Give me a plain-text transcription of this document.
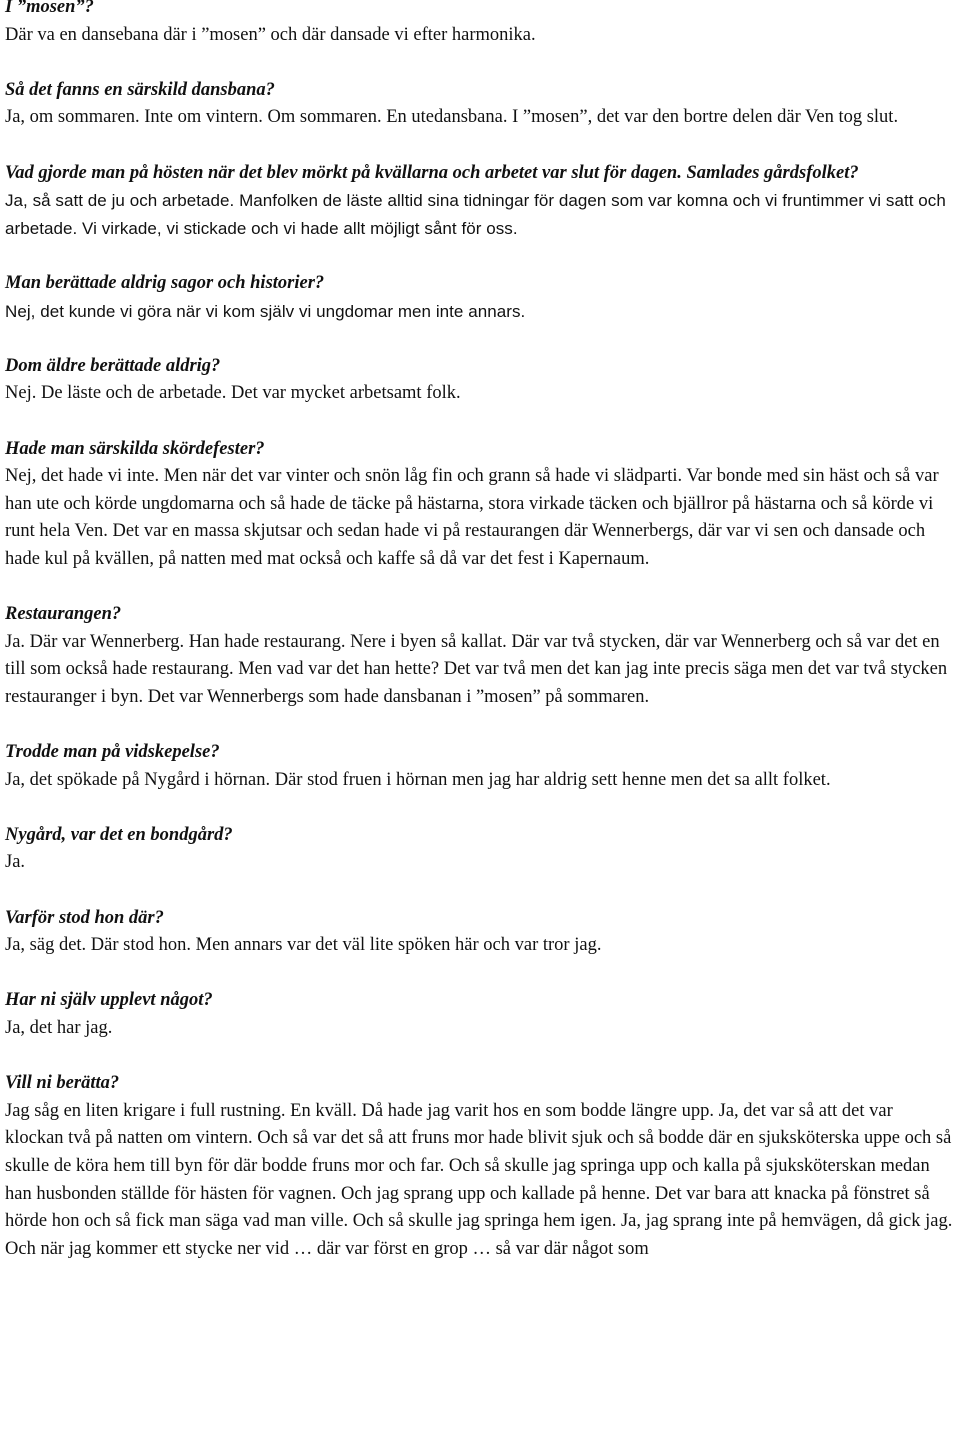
I ”mosen”?
Där va en dansebana där i ”mosen” och där dansade vi efter harmonika.
Så det fanns en särskild dansbana?
Ja, om sommaren. Inte om vintern. Om sommaren. En utedansbana. I ”mosen”, det var den bortre delen där Ven tog slut.
Vad gjorde man på hösten när det blev mörkt på kvällarna och arbetet var slut för dagen. Samlades gårdsfolket?
Ja, så satt de ju och arbetade. Manfolken de läste alltid sina tidningar för dagen som var komna och vi fruntimmer vi satt och arbetade. Vi virkade, vi stickade och vi hade allt möjligt sånt för oss.
Man berättade aldrig sagor och historier?
Nej, det kunde vi göra när vi kom själv vi ungdomar men inte annars.
Dom äldre berättade aldrig?
Nej. De läste och de arbetade. Det var mycket arbetsamt folk.
Hade man särskilda skördefester?
Nej, det hade vi inte. Men när det var vinter och snön låg fin och grann så hade vi slädparti. Var bonde med sin häst och så var han ute och körde ungdomarna och så hade de täcke på hästarna, stora virkade täcken och bjällror på hästarna och så körde vi runt hela Ven. Det var en massa skjutsar och sedan hade vi på restaurangen där Wennerbergs, där var vi sen och dansade och hade kul på kvällen, på natten med mat också och kaffe så då var det fest i Kapernaum.
Restaurangen?
Ja. Där var Wennerberg. Han hade restaurang. Nere i byen så kallat. Där var två stycken, där var Wennerberg och så var det en till som också hade restaurang. Men vad var det han hette? Det var två men det kan jag inte precis säga men det var två stycken restauranger i byn. Det var Wennerbergs som hade dansbanan i ”mosen” på sommaren.
Trodde man på vidskepelse?
Ja, det spökade på Nygård i hörnan. Där stod fruen i hörnan men jag har aldrig sett henne men det sa allt folket.
Nygård, var det en bondgård?
Ja.
Varför stod hon där?
Ja, säg det. Där stod hon. Men annars var det väl lite spöken här och var tror jag.
Har ni själv upplevt något?
Ja, det har jag.
Vill ni berätta?
Jag såg en liten krigare i full rustning. En kväll. Då hade jag varit hos en som bodde längre upp. Ja, det var så att det var klockan två på natten om vintern. Och så var det så att fruns mor hade blivit sjuk och så bodde där en sjuksköterska uppe och så skulle de köra hem till byn för där bodde fruns mor och far. Och så skulle jag springa upp och kalla på sjuksköterskan medan han husbonden ställde för hästen för vagnen. Och jag sprang upp och kallade på henne. Det var bara att knacka på fönstret så hörde hon och så fick man säga vad man ville. Och så skulle jag springa hem igen. Ja, jag sprang inte på hemvägen, då gick jag. Och när jag kommer ett stycke ner vid … där var först en grop … så var där något som
